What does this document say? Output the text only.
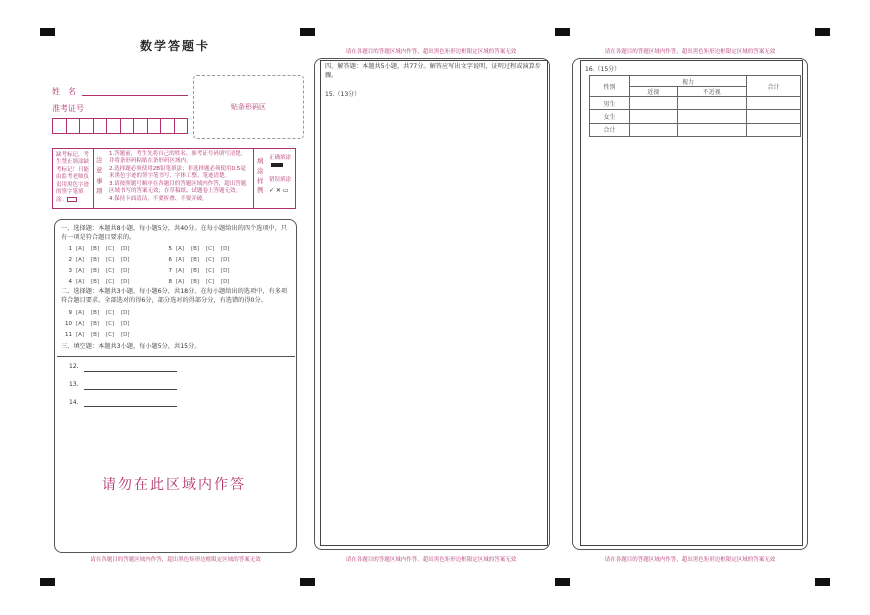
数学答题卡
姓　名
准考证号	贴条形码区
缺考标记，考生禁止填涂缺考标记！只能由监考老师负责用黑色字迹的签字笔填涂。
注意事项
1.答题前，考生先将自己的姓名、准考证号码填写清楚，并将条形码粘贴在条形码区域内。
2.选择题必须使用2B铅笔填涂；非选择题必须使用0.5毫米黑色字迹的签字笔书写，字体工整、笔迹清楚。
3.请按照题号顺序在各题目的答题区域内作答，超出答题区域书写的答案无效；在草稿纸、试题卷上答题无效。
4.保持卡面清洁，不要折叠、不要弄破。
填涂样例
正确填涂
错误填涂
✓ ✕ ▭
一、选择题：本题共8小题，每小题5分，共40分。在每小题给出的四个选项中，只有一项是符合题目要求的。
1 [A] [B] [C] [D]
2 [A] [B] [C] [D]
3 [A] [B] [C] [D]
4 [A] [B] [C] [D]
5 [A] [B] [C] [D]
6 [A] [B] [C] [D]
7 [A] [B] [C] [D]
8 [A] [B] [C] [D]
二、选择题：本题共3小题，每小题6分，共18分。在每小题给出的选项中，有多项符合题目要求。全部选对的得6分，部分选对的得部分分，有选错的得0分。
9 [A] [B] [C] [D]
10 [A] [B] [C] [D]
11 [A] [B] [C] [D]
三、填空题：本题共3小题，每小题5分，共15分。
12.
13.
14.
请勿在此区域内作答
请在各题目的答题区域内作答，超出黑色矩形边框限定区域的答案无效
请在各题目的答题区域内作答，超出黑色矩形边框限定区域的答案无效
四、解答题：本题共5小题，共77分。解答应写出文字说明、证明过程或演算步骤。
15.（13分）
请在各题目的答题区域内作答，超出黑色矩形边框限定区域的答案无效
请在各题目的答题区域内作答，超出黑色矩形边框限定区域的答案无效
16.（15分）
性别	视力		合计
	近视	不近视	
男生			
女生			
合计			
请在各题目的答题区域内作答，超出黑色矩形边框限定区域的答案无效
